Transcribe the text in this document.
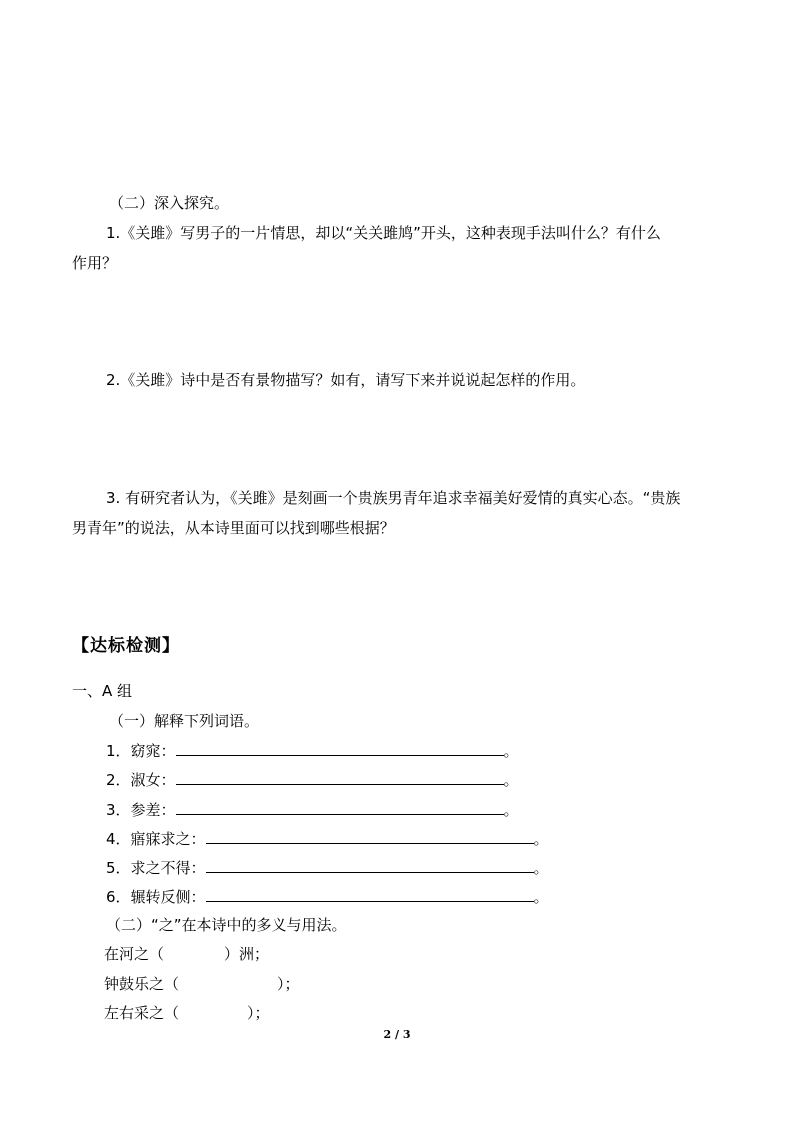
（二）深入探究。
1.《关雎》写男子的一片情思，却以“关关雎鸠”开头，这种表现手法叫什么？有什么
作用？
2.《关雎》诗中是否有景物描写？如有，请写下来并说说起怎样的作用。
3. 有研究者认为，《关雎》是刻画一个贵族男青年追求幸福美好爱情的真实心态。“贵族
男青年”的说法，从本诗里面可以找到哪些根据？
【达标检测】
一、A 组
（一）解释下列词语。
1．窈窕：	。
2．淑女：	。
3．参差：	。
4．寤寐求之：	。
5．求之不得：	。
6．辗转反侧：	。
（二）“之”在本诗中的多义与用法。
在河之（	）洲；
钟鼓乐之（	）；
左右采之（	）；
2 / 3
